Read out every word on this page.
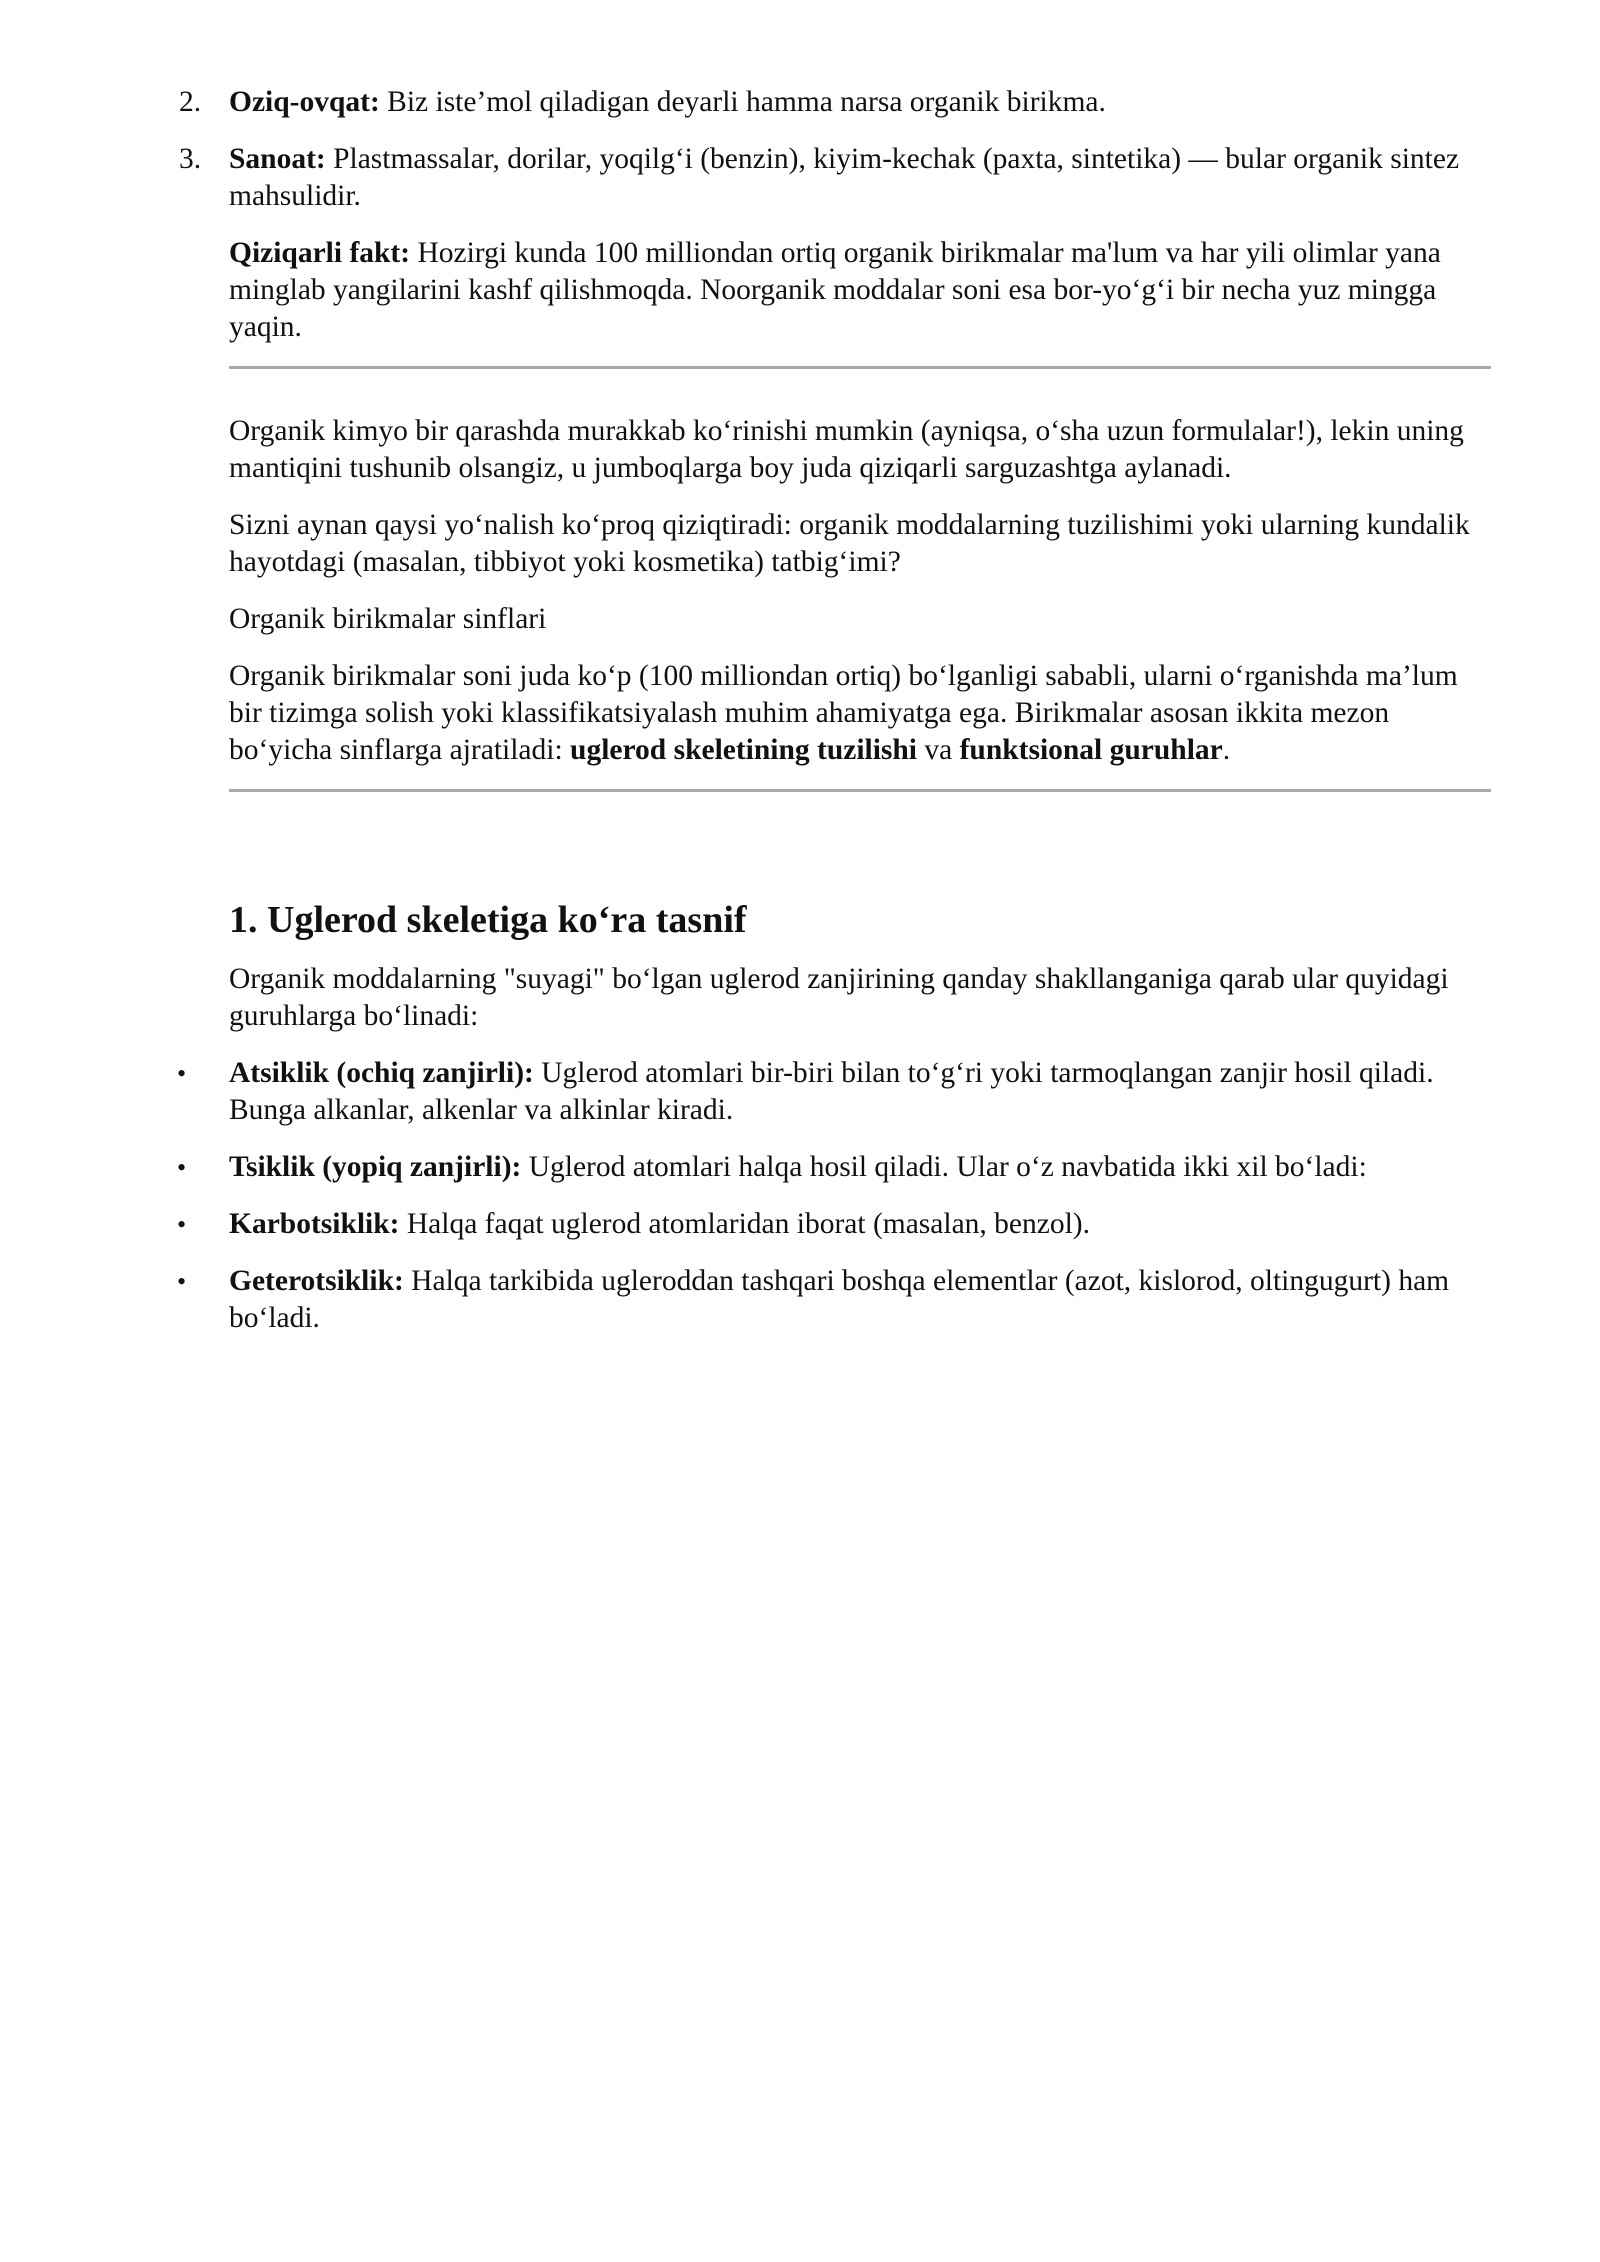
2. Oziq-ovqat: Biz iste’mol qiladigan deyarli hamma narsa organik birikma.
3. Sanoat: Plastmassalar, dorilar, yoqilg‘i (benzin), kiyim-kechak (paxta, sintetika) — bular organik sintez mahsulidir.
Qiziqarli fakt: Hozirgi kunda 100 milliondan ortiq organik birikmalar ma'lum va har yili olimlar yana minglab yangilarini kashf qilishmoqda. Noorganik moddalar soni esa bor-yo‘g‘i bir necha yuz mingga yaqin.

Organik kimyo bir qarashda murakkab ko‘rinishi mumkin (ayniqsa, o‘sha uzun formulalar!), lekin uning mantiqini tushunib olsangiz, u jumboqlarga boy juda qiziqarli sarguzashtga aylanadi.

Sizni aynan qaysi yo‘nalish ko‘proq qiziqtiradi: organik moddalarning tuzilishimi yoki ularning kundalik hayotdagi (masalan, tibbiyot yoki kosmetika) tatbig‘imi?

Organik birikmalar sinflari

Organik birikmalar soni juda ko‘p (100 milliondan ortiq) bo‘lganligi sababli, ularni o‘rganishda ma’lum bir tizimga solish yoki klassifikatsiyalash muhim ahamiyatga ega. Birikmalar asosan ikkita mezon bo‘yicha sinflarga ajratiladi: uglerod skeletining tuzilishi va funktsional guruhlar.

1. Uglerod skeletiga ko‘ra tasnif

Organik moddalarning "suyagi" bo‘lgan uglerod zanjirining qanday shakllanganiga qarab ular quyidagi guruhlarga bo‘linadi:

• Atsiklik (ochiq zanjirli): Uglerod atomlari bir-biri bilan to‘g‘ri yoki tarmoqlangan zanjir hosil qiladi. Bunga alkanlar, alkenlar va alkinlar kiradi.
• Tsiklik (yopiq zanjirli): Uglerod atomlari halqa hosil qiladi. Ular o‘z navbatida ikki xil bo‘ladi:
• Karbotsiklik: Halqa faqat uglerod atomlaridan iborat (masalan, benzol).
• Geterotsiklik: Halqa tarkibida ugleroddan tashqari boshqa elementlar (azot, kislorod, oltingugurt) ham bo‘ladi.
